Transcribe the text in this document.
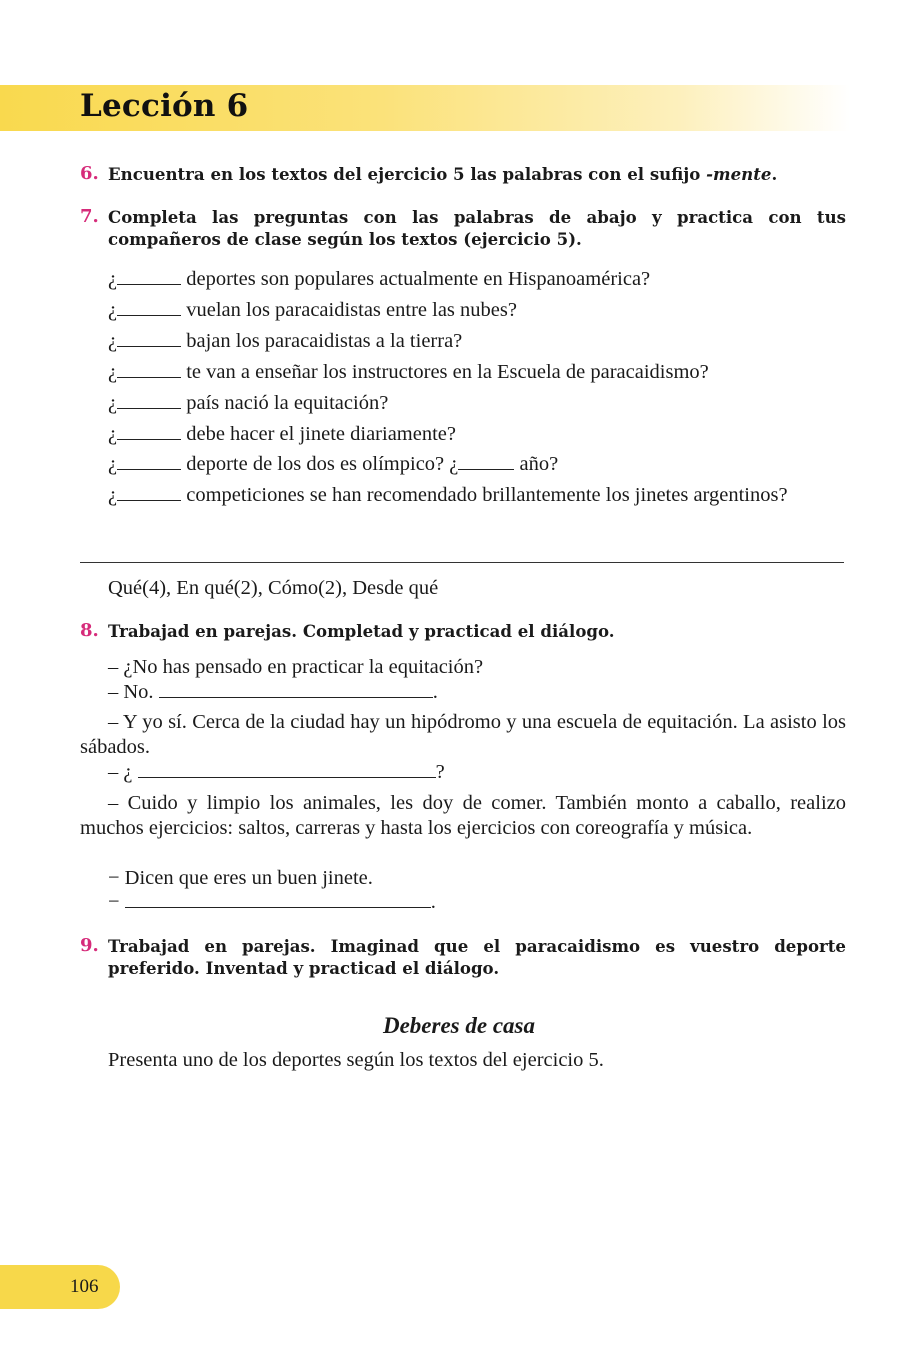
Lección 6
6. Encuentra en los textos del ejercicio 5 las palabras con el sufijo -mente.
7. Completa las preguntas con las palabras de abajo y practica con tus compañeros de clase según los textos (ejercicio 5).
¿	deportes son populares actualmente en Hispanoamérica?
¿	vuelan los paracaidistas entre las nubes?
¿	bajan los paracaidistas a la tierra?
¿	te van a enseñar los instructores en la Escuela de paracaidismo?
¿	país nació la equitación?
¿	debe hacer el jinete diariamente?
¿	deporte de los dos es olímpico? ¿	año?
¿	competiciones se han recomendado brillantemente los jinetes argentinos?
Qué(4), En qué(2), Cómo(2), Desde qué
8. Trabajad en parejas. Completad y practicad el diálogo.
– ¿No has pensado en practicar la equitación?
– No.	.
– Y yo sí. Cerca de la ciudad hay un hipódromo y una escuela de equitación. La asisto los sábados.
– ¿	?
– Cuido y limpio los animales, les doy de comer. También monto a caballo, realizo muchos ejercicios: saltos, carreras y hasta los ejercicios con coreografía y música.
− Dicen que eres un buen jinete.
−	.
9. Trabajad en parejas. Imaginad que el paracaidismo es vuestro deporte preferido. Inventad y practicad el diálogo.
Deberes de casa
Presenta uno de los deportes según los textos del ejercicio 5.
106
